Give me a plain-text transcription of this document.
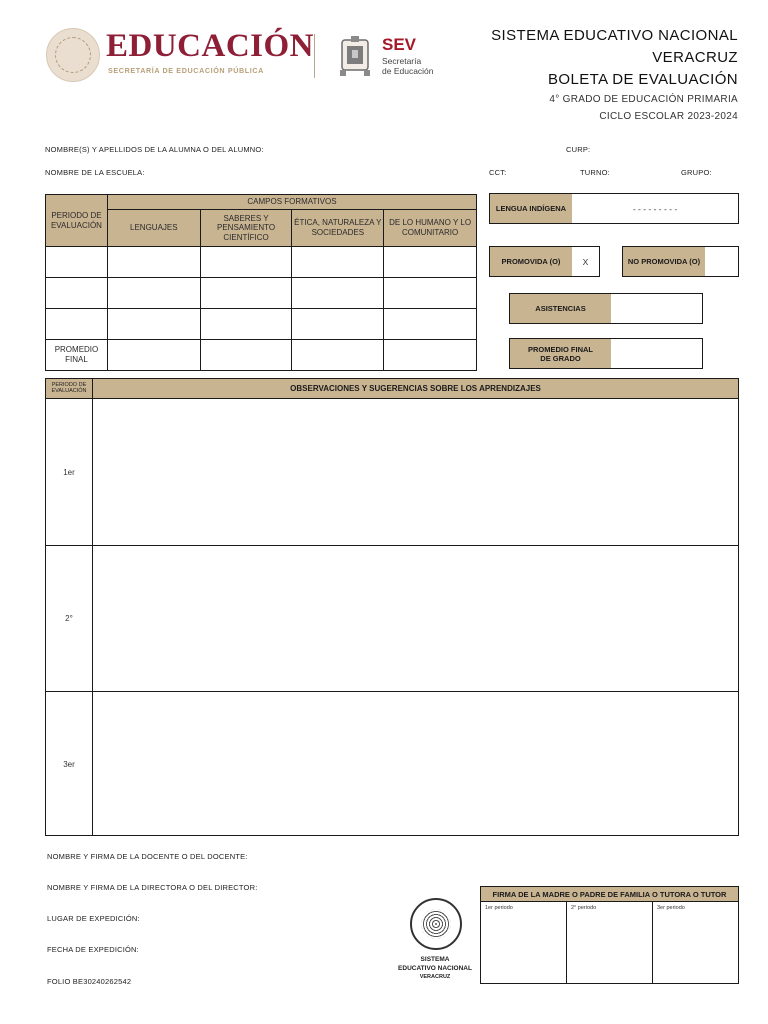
EDUCACIÓN
SECRETARÍA DE EDUCACIÓN PÚBLICA
SEV
Secretaría
de Educación
SISTEMA EDUCATIVO NACIONAL
VERACRUZ
BOLETA DE EVALUACIÓN
4° GRADO DE EDUCACIÓN PRIMARIA
CICLO ESCOLAR 2023-2024
NOMBRE(S) Y APELLIDOS DE LA ALUMNA O DEL ALUMNO:	CURP:
NOMBRE DE LA ESCUELA:	CCT:	TURNO:	GRUPO:
PERIODO DE EVALUACIÓN	CAMPOS FORMATIVOS			
	LENGUAJES	SABERES Y PENSAMIENTO CIENTÍFICO	ÉTICA, NATURALEZA Y SOCIEDADES	DE LO HUMANO Y LO COMUNITARIO

PROMEDIO FINAL				
LENGUA INDÍGENA	- - - - - - - - -
PROMOVIDA (O)	X	NO PROMOVIDA (O)
ASISTENCIAS
PROMEDIO FINAL DE GRADO
PERIODO DE EVALUACIÓN	OBSERVACIONES Y SUGERENCIAS SOBRE LOS APRENDIZAJES
1er
2°
3er
NOMBRE Y FIRMA DE LA DOCENTE O DEL DOCENTE:
NOMBRE Y FIRMA DE LA DIRECTORA O DEL DIRECTOR:
LUGAR DE EXPEDICIÓN:
FECHA DE EXPEDICIÓN:
FOLIO BE30240262542
SISTEMA
EDUCATIVO NACIONAL
VERACRUZ
FIRMA DE LA MADRE O PADRE DE FAMILIA O TUTORA O TUTOR
1er periodo	2° periodo	3er periodo
